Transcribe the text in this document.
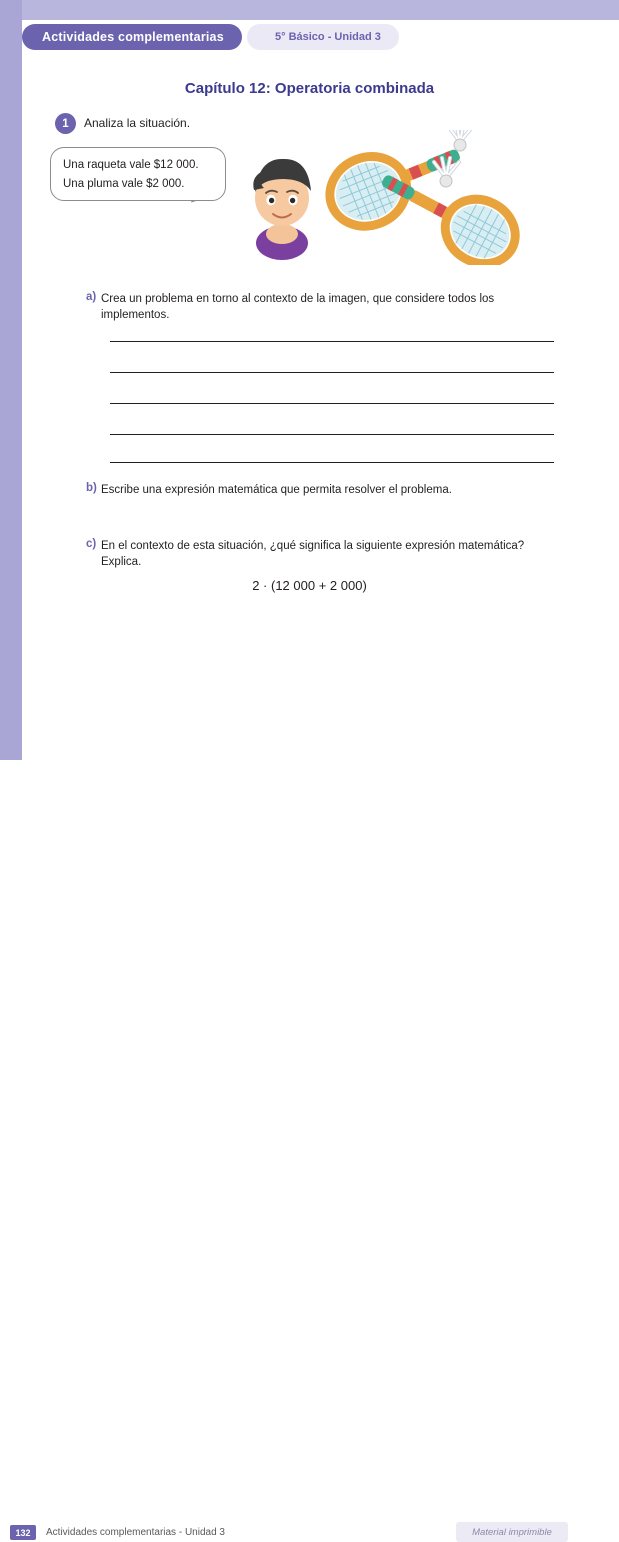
5° Básico - Unidad 3
Actividades complementarias
Capítulo 12: Operatoria combinada
1	Analiza la situación.
Una raqueta vale $12 000.
Una pluma vale $2 000.
a) Crea un problema en torno al contexto de la imagen, que considere todos los implementos.
b) Escribe una expresión matemática que permita resolver el problema.
c) En el contexto de esta situación, ¿qué significa la siguiente expresión matemática? Explica.
2 · (12 000 + 2 000)
132	Actividades complementarias - Unidad 3	Material imprimible
